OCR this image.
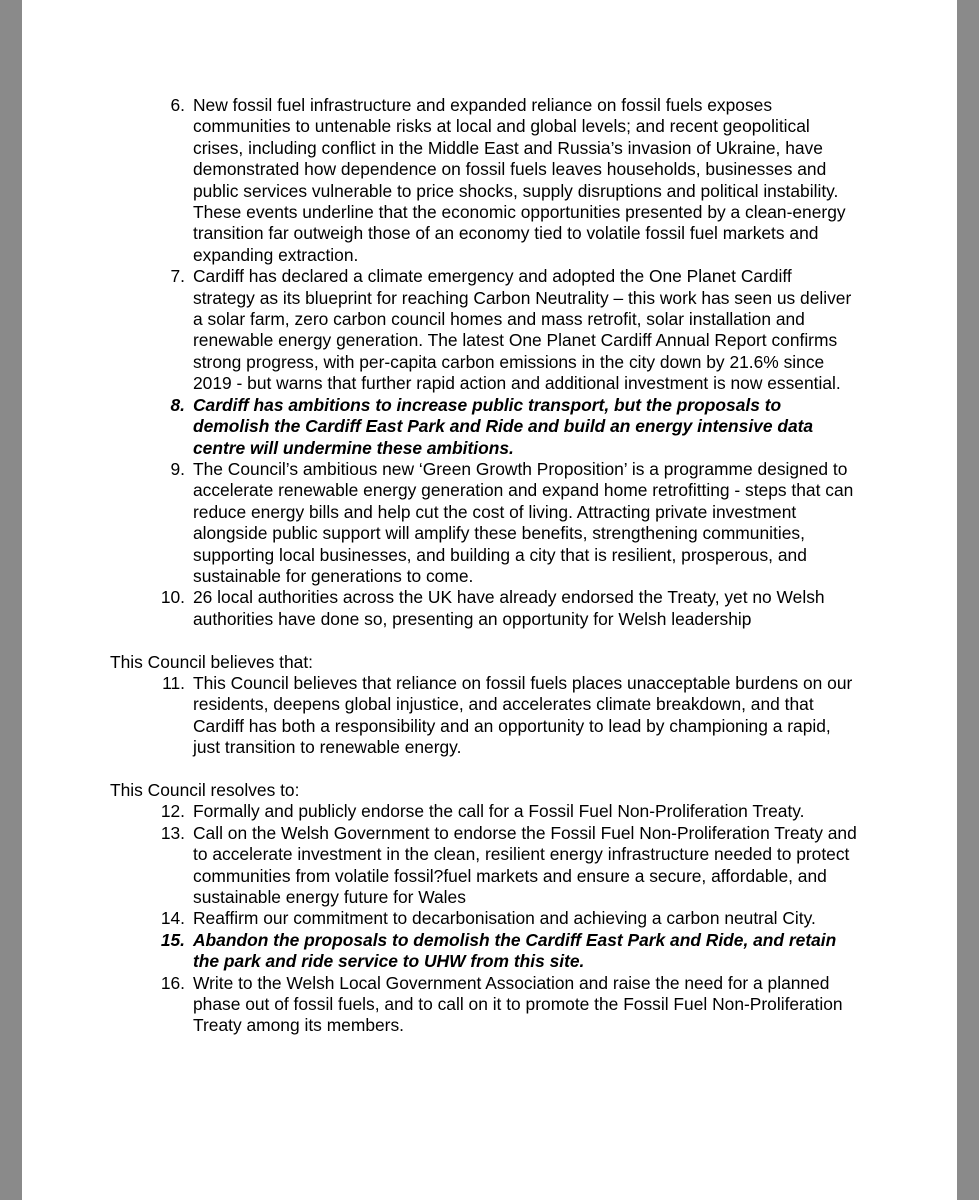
6. New fossil fuel infrastructure and expanded reliance on fossil fuels exposes communities to untenable risks at local and global levels; and recent geopolitical crises, including conflict in the Middle East and Russia’s invasion of Ukraine, have demonstrated how dependence on fossil fuels leaves households, businesses and public services vulnerable to price shocks, supply disruptions and political instability. These events underline that the economic opportunities presented by a clean-energy transition far outweigh those of an economy tied to volatile fossil fuel markets and expanding extraction.
7. Cardiff has declared a climate emergency and adopted the One Planet Cardiff strategy as its blueprint for reaching Carbon Neutrality – this work has seen us deliver a solar farm, zero carbon council homes and mass retrofit, solar installation and renewable energy generation. The latest One Planet Cardiff Annual Report confirms strong progress, with per-capita carbon emissions in the city down by 21.6% since 2019 - but warns that further rapid action and additional investment is now essential.
8. Cardiff has ambitions to increase public transport, but the proposals to demolish the Cardiff East Park and Ride and build an energy intensive data centre will undermine these ambitions.
9. The Council’s ambitious new ‘Green Growth Proposition’ is a programme designed to accelerate renewable energy generation and expand home retrofitting - steps that can reduce energy bills and help cut the cost of living. Attracting private investment alongside public support will amplify these benefits, strengthening communities, supporting local businesses, and building a city that is resilient, prosperous, and sustainable for generations to come.
10. 26 local authorities across the UK have already endorsed the Treaty, yet no Welsh authorities have done so, presenting an opportunity for Welsh leadership
This Council believes that:
11. This Council believes that reliance on fossil fuels places unacceptable burdens on our residents, deepens global injustice, and accelerates climate breakdown, and that Cardiff has both a responsibility and an opportunity to lead by championing a rapid, just transition to renewable energy.
This Council resolves to:
12. Formally and publicly endorse the call for a Fossil Fuel Non-Proliferation Treaty.
13. Call on the Welsh Government to endorse the Fossil Fuel Non-Proliferation Treaty and to accelerate investment in the clean, resilient energy infrastructure needed to protect communities from volatile fossil?fuel markets and ensure a secure, affordable, and sustainable energy future for Wales
14. Reaffirm our commitment to decarbonisation and achieving a carbon neutral City.
15. Abandon the proposals to demolish the Cardiff East Park and Ride, and retain the park and ride service to UHW from this site.
16. Write to the Welsh Local Government Association and raise the need for a planned phase out of fossil fuels, and to call on it to promote the Fossil Fuel Non-Proliferation Treaty among its members.
